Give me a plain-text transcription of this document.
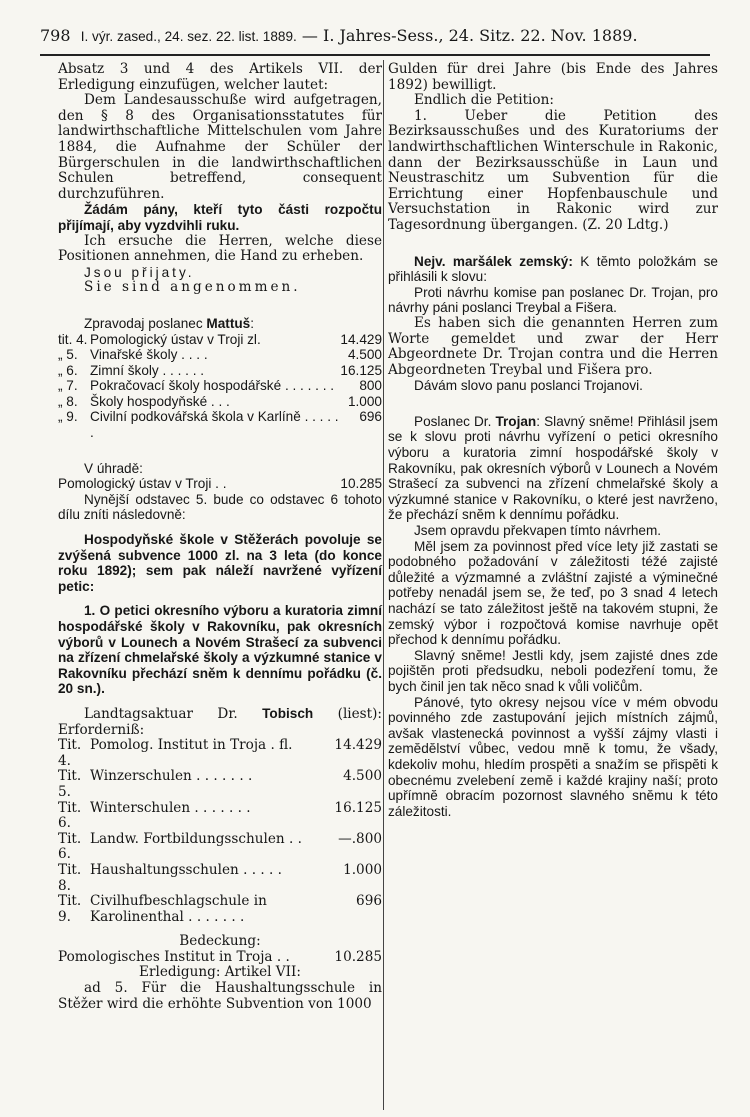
798 I. výr. zased., 24. sez. 22. list. 1889. — I. Jahres-Sess., 24. Sitz. 22. Nov. 1889.

Absatz 3 und 4 des Artikels VII. der Erledigung einzufügen, welcher lautet:

Dem Landesausschuße wird aufgetragen, den § 8 des Organisationsstatutes für landwirthschaftliche Mittelschulen vom Jahre 1884, die Aufnahme der Schüler der Bürgerschulen in die landwirthschaftlichen Schulen betreffend, consequent durchzuführen.

Žádám pány, kteří tyto části rozpočtu přijímají, aby vyzdvihli ruku.

Ich ersuche die Herren, welche diese Positionen annehmen, die Hand zu erheben.

Jsou přijaty.

Sie sind angenommen.

Zpravodaj poslanec Mattuš:

tit. 4.	Pomologický ústav v Troji zl.	14.429
„ 5.	Vinařské školy . . . .	4.500
„ 6.	Zimní školy . . . . . .	16.125
„ 7.	Pokračovací školy hospodářské . . . . . . .	800
„ 8.	Školy hospodyňské . . .	1.000
„ 9.	Civilní podkovářská škola v Karlíně . . . . . .	696

V úhradě:

Pomologický ústav v Troji . .	10.285

Nynější odstavec 5. bude co odstavec 6 tohoto dílu zníti následovně:

Hospodyňské škole v Stěžerách povoluje se zvýšená subvence 1000 zl. na 3 leta (do konce roku 1892); sem pak náleží navržené vyřízení petic:

1. O petici okresního výboru a kuratoria zimní hospodářské školy v Rakovníku, pak okresních výborů v Lounech a Novém Strašecí za subvenci na zřízení chmelařské školy a výzkumné stanice v Rakovníku přechází sněm k dennímu pořádku (č. 20 sn.).

Landtagsaktuar Dr. Tobisch (liest): Erforderniß:

Tit. 4.	Pomolog. Institut in Troja . fl.	14.429
Tit. 5.	Winzerschulen . . . . . . .	4.500
Tit. 6.	Winterschulen . . . . . . .	16.125
Tit. 6.	Landw. Fortbildungsschulen . .	—.800
Tit. 8.	Haushaltungsschulen . . . . .	1.000
Tit. 9.	Civilhufbeschlagschule in Karolinenthal . . . . . . .	696

Bedeckung:

Pomologisches Institut in Troja . .	10.285

Erledigung: Artikel VII:

ad 5. Für die Haushaltungsschule in Stěžer wird die erhöhte Subvention von 1000

Gulden für drei Jahre (bis Ende des Jahres 1892) bewilligt.

Endlich die Petition:

1. Ueber die Petition des Bezirksausschußes und des Kuratoriums der landwirthschaftlichen Winterschule in Rakonic, dann der Bezirksausschüße in Laun und Neustraschitz um Subvention für die Errichtung einer Hopfenbauschule und Versuchstation in Rakonic wird zur Tagesordnung übergangen. (Z. 20 Ldtg.)

Nejv. maršálek zemský: K tĕmto položkám se přihlásili k slovu:

Proti návrhu komise pan poslanec Dr. Trojan, pro návrhy páni poslanci Treybal a Fišera.

Es haben sich die genannten Herren zum Worte gemeldet und zwar der Herr Abgeordnete Dr. Trojan contra und die Herren Abgeordneten Treybal und Fišera pro.

Dávám slovo panu poslanci Trojanovi.

Poslanec Dr. Trojan: Slavný snĕme! Přihlásil jsem se k slovu proti návrhu vyřízení o petici okresního výboru a kuratoria zimní hospodářské školy v Rakovníku, pak okresních výborů v Lounech a Novém Strašecí za subvenci na zřízení chmelařské školy a výzkumné stanice v Rakovníku, o které jest navrženo, že přechází snĕm k dennímu pořádku.

Jsem opravdu překvapen tímto návrhem.

Mĕl jsem za povinnost před více lety již zastati se podobného požadování v záležitosti téžé zajisté důležité a výzmamné a zvláštní zajisté a výminečné potřeby nenadál jsem se, že teď, po 3 snad 4 letech nachází se tato záležitost ještĕ na takovém stupni, že zemský výbor i rozpočtová komise navrhuje opĕt přechod k dennímu pořádku.

Slavný snĕme! Jestli kdy, jsem zajisté dnes zde pojištĕn proti předsudku, neboli podezření tomu, že bych činil jen tak nĕco snad k vůli voličům.

Pánové, tyto okresy nejsou více v mém obvodu povinného zde zastupování jejich místních zájmů, avšak vlastenecká povinnost a vyšší zájmy vlasti i zemĕdĕlství vůbec, vedou mnĕ k tomu, že všady, kdekoliv mohu, hledím prospĕti a snažím se přispĕti k obecnému zvelebení zemĕ i každé krajiny naší; proto upřímnĕ obracím pozornost slavného snĕmu k této záležitosti.
